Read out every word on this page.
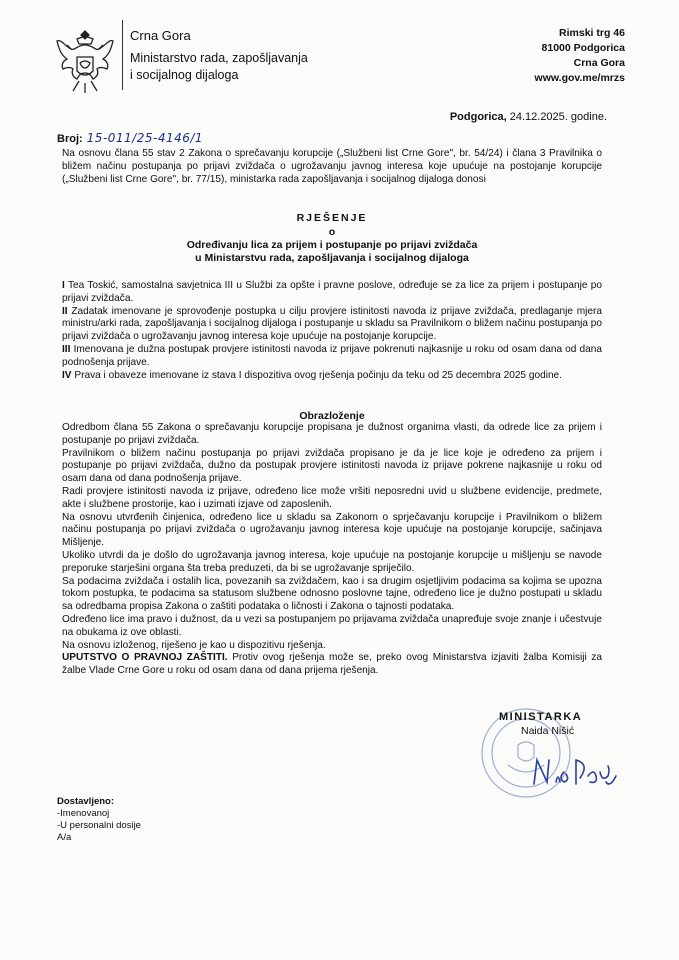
Crna Gora
Ministarstvo rada, zapošljavanja
i socijalnog dijaloga
Rimski trg 46
81000 Podgorica
Crna Gora
www.gov.me/mrzs
Podgorica, 24.12.2025. godine.
Broj: 15-011/25-4146/1
Na osnovu člana 55 stav 2 Zakona o sprečavanju korupcije („Službeni list Crne Gore", br. 54/24) i člana 3 Pravilnika o bližem načinu postupanja po prijavi zviždača o ugrožavanju javnog interesa koje upućuje na postojanje korupcije („Službeni list Crne Gore", br. 77/15), ministarka rada zapošljavanja i socijalnog dijaloga donosi
RJEŠENJE
o
Određivanju lica za prijem i postupanje po prijavi zviždača
u Ministarstvu rada, zapošljavanja i socijalnog dijaloga

I Tea Toskić, samostalna savjetnica III u Službi za opšte i pravne poslove, određuje se za lice za prijem i postupanje po prijavi zviždača.

II Zadatak imenovane je sprovođenje postupka u cilju provjere istinitosti navoda iz prijave zviždača, predlaganje mjera ministru/arki rada, zapošljavanja i socijalnog dijaloga i postupanje u skladu sa Pravilnikom o bližem načinu postupanja po prijavi zviždača o ugrožavanju javnog interesa koje upućuje na postojanje korupcije.

III Imenovana je dužna postupak provjere istinitosti navoda iz prijave pokrenuti najkasnije u roku od osam dana od dana podnošenja prijave.

IV Prava i obaveze imenovane iz stava I dispozitiva ovog rješenja počinju da teku od 25 decembra 2025 godine.

Obrazloženje

Odredbom člana 55 Zakona o sprečavanju korupcije propisana je dužnost organima vlasti, da odrede lice za prijem i postupanje po prijavi zviždača.

Pravilnikom o bližem načinu postupanja po prijavi zviždača propisano je da je lice koje je određeno za prijem i postupanje po prijavi zviždača, dužno da postupak provjere istinitosti navoda iz prijave pokrene najkasnije u roku od osam dana od dana podnošenja prijave.

Radi provjere istinitosti navoda iz prijave, određeno lice može vršiti neposredni uvid u službene evidencije, predmete, akte i službene prostorije, kao i uzimati izjave od zaposlenih.

Na osnovu utvrđenih činjenica, određeno lice u skladu sa Zakonom o sprječavanju korupcije i Pravilnikom o bližem načinu postupanja po prijavi zviždača o ugrožavanju javnog interesa koje upućuje na postojanje korupcije, sačinjava Mišljenje.

Ukoliko utvrdi da je došlo do ugrožavanja javnog interesa, koje upućuje na postojanje korupcije u mišljenju se navode preporuke starješini organa šta treba preduzeti, da bi se ugrožavanje spriječilo.

Sa podacima zviždača i ostalih lica, povezanih sa zviždačem, kao i sa drugim osjetljivim podacima sa kojima se upozna tokom postupka, te podacima sa statusom službene odnosno poslovne tajne, određeno lice je dužno postupati u skladu sa odredbama propisa Zakona o zaštiti podataka o ličnosti i Zakona o tajnosti podataka.

Određeno lice ima pravo i dužnost, da u vezi sa postupanjem po prijavama zviždača unapređuje svoje znanje i učestvuje na obukama iz ove oblasti.

Na osnovu izloženog, riješeno je kao u dispozitivu rješenja.

UPUTSTVO O PRAVNOJ ZAŠTITI. Protiv ovog rješenja može se, preko ovog Ministarstva izjaviti žalba Komisiji za žalbe Vlade Crne Gore u roku od osam dana od dana prijema rješenja.

MINISTARKA
Naida Nišić
Dostavljeno:
-Imenovanoj
-U personalni dosije
A/a
